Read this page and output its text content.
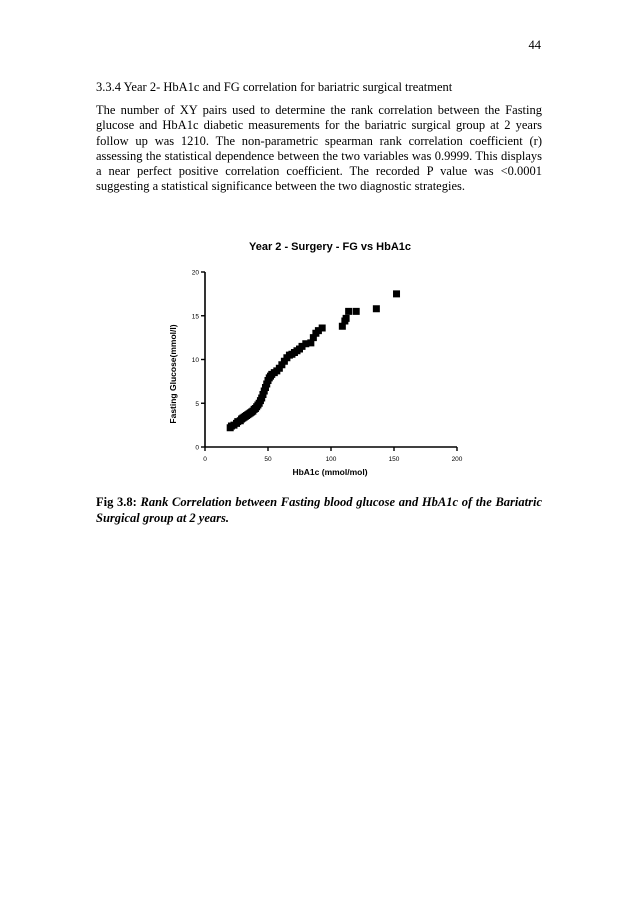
44
3.3.4 Year 2- HbA1c and FG correlation for bariatric surgical treatment
The number of XY pairs used to determine the rank correlation between the Fasting glucose and HbA1c diabetic measurements for the bariatric surgical group at 2 years follow up was 1210. The non-parametric spearman rank correlation coefficient (r) assessing the statistical dependence between the two variables was 0.9999. This displays a near perfect positive correlation coefficient. The recorded P value was <0.0001 suggesting a statistical significance between the two diagnostic strategies.
Year 2 - Surgery - FG vs HbA1c
0	50	100	150	200
0
5
10
15
20
HbA1c (mmol/mol)
Fasting Glucose(mmol/l)
Fig 3.8: Rank Correlation between Fasting blood glucose and HbA1c of the Bariatric Surgical group at 2 years.
